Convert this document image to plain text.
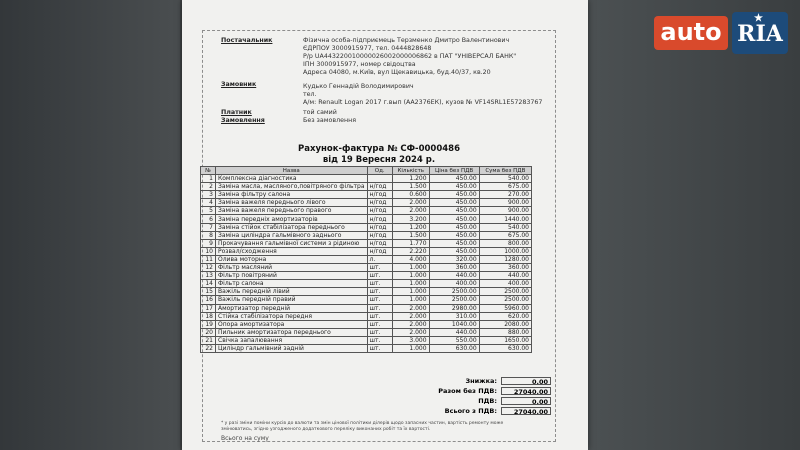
Постачальник	Фізична особа-підприємець Терзменко Дмитро Валентинович
ЄДРПОУ 3000915977, тел. 0444828648
Р/р UA443220010000026002000006862 в ПАТ "УНІВЕРСАЛ БАНК"
ІПН 3000915977, номер свідоцтва
Адреса 04080, м.Київ, вул Щекавицька, буд.40/37, кв.20
Замовник	Кудько Геннадій Володимирович
тел.
А/м: Renault Logan 2017 г.вып (АА2376ЕК), кузов № VF14SRL1E57283767
Платник	той самий
Замовлення	Без замовлення
Рахунок-фактура № СФ-0000486
від 19 Вересня 2024 р.
Знижка:	0.00
Разом без ПДВ:	27040.00
ПДВ:	0.00
Всього з ПДВ:	27040.00
* у разі зміни поміни курсів до валюти та змін цінової політики ділерів щодо запасних частин, вартість ремонту може змінюватись, згідно узгодженого додаткового переліку виконаних робіт та їх вартості.
Всього на суму
№	Назва	Од.	Кількість	Ціна без ПДВ	Сума без ПДВ
1	Комплексна діагностика		1.200	450.00	540.00
2	Заміна масла, масляного,повітряного фільтра	н/год	1.500	450.00	675.00
3	Заміна фільтру салона	н/год	0.600	450.00	270.00
4	Заміна важеля переднього лівого	н/год	2.000	450.00	900.00
5	Заміна важеля переднього правого	н/год	2.000	450.00	900.00
6	Заміна передніх амортизаторів	н/год	3.200	450.00	1440.00
7	Заміна стійок стабілізатора переднього	н/год	1.200	450.00	540.00
8	Заміна циліндра гальмівного заднього	н/год	1.500	450.00	675.00
9	Прокачування гальмівної системи з рідиною	н/год	1.770	450.00	800.00
10	Розвал/сходження	н/год	2.220	450.00	1000.00
11	Олива моторна	л.	4.000	320.00	1280.00
12	Фільтр масляний	шт.	1.000	360.00	360.00
13	Фільтр повітряний	шт.	1.000	440.00	440.00
14	Фільтр салона	шт.	1.000	400.00	400.00
15	Важіль передній лівий	шт.	1.000	2500.00	2500.00
16	Важіль передній правий	шт.	1.000	2500.00	2500.00
17	Амортизатор передній	шт.	2.000	2980.00	5960.00
18	Стійка стабілізатора передня	шт.	2.000	310.00	620.00
19	Опора амортизатора	шт.	2.000	1040.00	2080.00
20	Пильник амортизатора переднього	шт.	2.000	440.00	880.00
21	Свічка запалювання	шт.	3.000	550.00	1650.00
22	Циліндр гальмівний задній	шт.	1.000	630.00	630.00
auto	★
RIA
